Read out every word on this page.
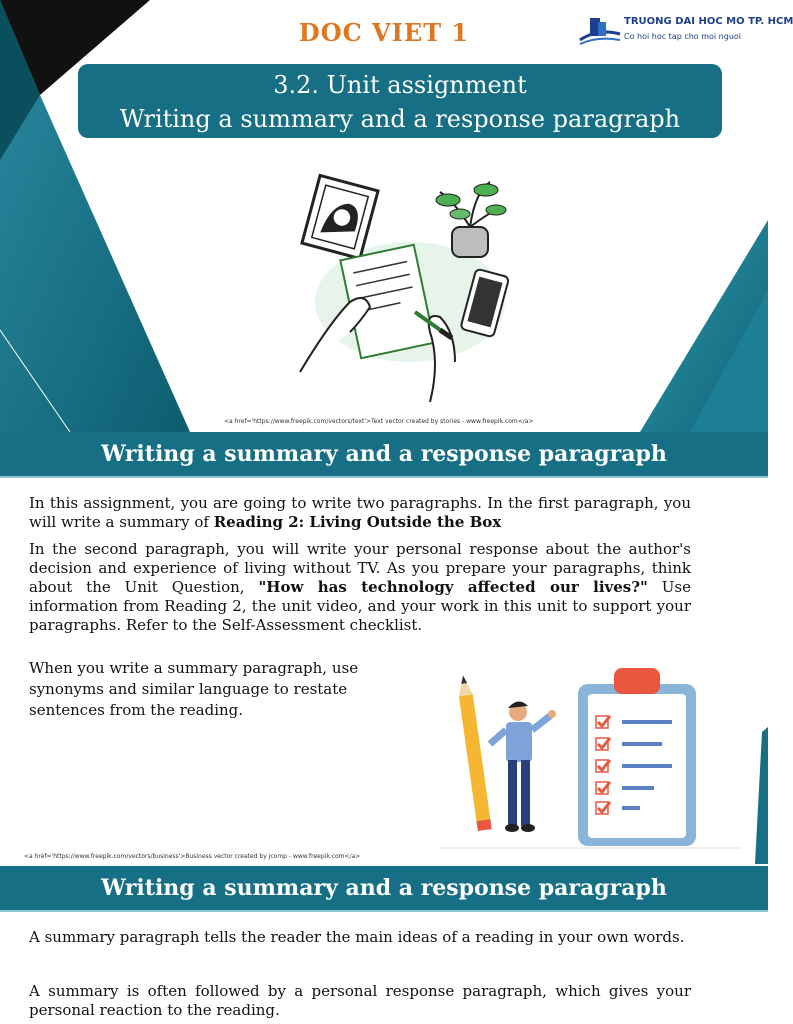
DOC VIET 1	TRUONG DAI HOC MO TP. HCM
Co hoi hoc tap cho moi nguoi
3.2. Unit assignment
Writing a summary and a response paragraph
<a href='https://www.freepik.com/vectors/text'>Text vector created by stories - www.freepik.com</a>
Writing a summary and a response paragraph
In this assignment, you are going to write two paragraphs. In the first paragraph, you will write a summary of Reading 2: Living Outside the Box
In the second paragraph, you will write your personal response about the author's decision and experience of living without TV. As you prepare your paragraphs, think about the Unit Question, "How has technology affected our lives?" Use information from Reading 2, the unit video, and your work in this unit to support your paragraphs. Refer to the Self-Assessment checklist.
When you write a summary paragraph, use synonyms and similar language to restate sentences from the reading.
<a href='https://www.freepik.com/vectors/business'>Business vector created by jcomp - www.freepik.com</a>
Writing a summary and a response paragraph
A summary paragraph tells the reader the main ideas of a reading in your own words.
A summary is often followed by a personal response paragraph, which gives your personal reaction to the reading.
